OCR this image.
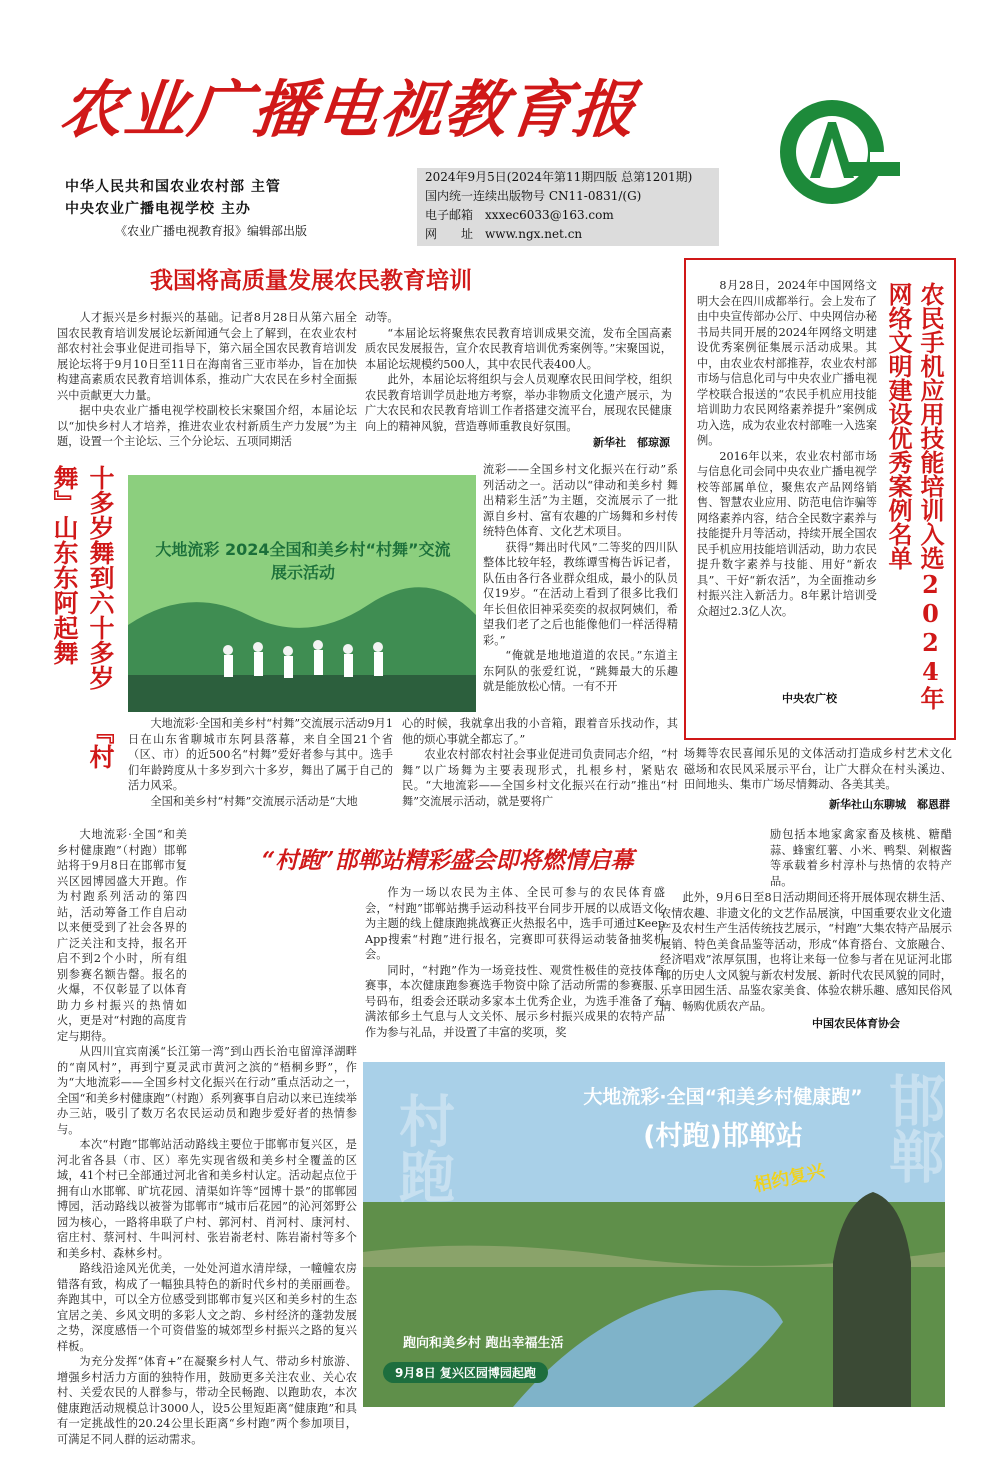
农业广播电视教育报
中华人民共和国农业农村部 主管
中央农业广播电视学校 主办
《农业广播电视教育报》编辑部出版
2024年9月5日(2024年第11期四版 总第1201期)
国内统一连续出版物号 CN11-0831/(G)
电子邮箱　 xxxec6033@163.com
网　　址　 www.ngx.net.cn
我国将高质量发展农民教育培训

人才振兴是乡村振兴的基础。记者8月28日从第六届全国农民教育培训发展论坛新闻通气会上了解到，在农业农村部农村社会事业促进司指导下，第六届全国农民教育培训发展论坛将于9月10日至11日在海南省三亚市举办，旨在加快构建高素质农民教育培训体系，推动广大农民在乡村全面振兴中贡献更大力量。

据中央农业广播电视学校副校长宋聚国介绍，本届论坛以“加快乡村人才培养，推进农业农村新质生产力发展”为主题，设置一个主论坛、三个分论坛、五项同期活

动等。

“本届论坛将聚焦农民教育培训成果交流，发布全国高素质农民发展报告，宣介农民教育培训优秀案例等。”宋聚国说，本届论坛规模约500人，其中农民代表400人。

此外，本届论坛将组织与会人员观摩农民田间学校，组织农民教育培训学员赴地方考察，举办非物质文化遗产展示，为广大农民和农民教育培训工作者搭建交流平台，展现农民健康向上的精神风貌，营造尊师重教良好氛围。

新华社　郁琼源

8月28日，2024年中国网络文明大会在四川成都举行。会上发布了由中央宣传部办公厅、中央网信办秘书局共同开展的2024年网络文明建设优秀案例征集展示活动成果。其中，由农业农村部推荐，农业农村部市场与信息化司与中央农业广播电视学校联合报送的“农民手机应用技能培训助力农民网络素养提升”案例成功入选，成为农业农村部唯一入选案例。

2016年以来，农业农村部市场与信息化司会同中央农业广播电视学校等部属单位，聚焦农产品网络销售、智慧农业应用、防范电信诈骗等网络素养内容，结合全民数字素养与技能提升月等活动，持续开展全国农民手机应用技能培训活动，助力农民提升数字素养与技能、用好“新农具”、干好“新农活”，为全面推动乡村振兴注入新活力。8年累计培训受众超过2.3亿人次。

中央农广校	农民手机应用技能培训入选2024年网络文明建设优秀案例名单
十多岁舞到六十多岁 『村舞』山东东阿起舞	大地流彩 2024全国和美乡村“村舞”交流展示活动

流彩——全国乡村文化振兴在行动”系列活动之一。活动以“律动和美乡村 舞出精彩生活”为主题，交流展示了一批源自乡村、富有农趣的广场舞和乡村传统特色体育、文化艺术项目。

获得“舞出时代风”二等奖的四川队整体比较年轻，教练谭雪梅告诉记者，队伍由各行各业群众组成，最小的队员仅19岁。“在活动上看到了很多比我们年长但依旧神采奕奕的叔叔阿姨们，希望我们老了之后也能像他们一样活得精彩。”

“俺就是地地道道的农民。”东道主东阿队的张爱红说，“跳舞最大的乐趣就是能放松心情。一有不开

大地流彩·全国和美乡村“村舞”交流展示活动9月1日在山东省聊城市东阿县落幕，来自全国21个省（区、市）的近500名“村舞”爱好者参与其中。选手们年龄跨度从十多岁到六十多岁，舞出了属于自己的活力风采。

全国和美乡村“村舞”交流展示活动是“大地

心的时候，我就拿出我的小音箱，跟着音乐找动作，其他的烦心事就全都忘了。”

农业农村部农村社会事业促进司负责同志介绍，“村舞”以广场舞为主要表现形式，扎根乡村，紧贴农民。“大地流彩——全国乡村文化振兴在行动”推出“村舞”交流展示活动，就是要将广

场舞等农民喜闻乐见的文体活动打造成乡村艺术文化磁场和农民风采展示平台，让广大群众在村头溪边、田间地头、集市广场尽情舞动、各美其美。

新华社山东聊城　郗恩群
“村跑”邯郸站精彩盛会即将燃情启幕

大地流彩·全国“和美乡村健康跑”（村跑）邯郸站将于9月8日在邯郸市复兴区园博园盛大开跑。作为村跑系列活动的第四站，活动筹备工作自启动以来便受到了社会各界的广泛关注和支持，报名开启不到2个小时，所有组别参赛名额告罄。报名的火爆，不仅彰显了以体育助力乡村振兴的热情如火，更是对“村跑的高度肯定与期待。

从四川宜宾南溪“长江第一湾”到山西长治屯留漳泽湖畔的“南风村”，再到宁夏灵武市黄河之滨的“梧桐乡野”，作为“大地流彩——全国乡村文化振兴在行动”重点活动之一，全国“和美乡村健康跑”（村跑）系列赛事自启动以来已连续举办三站，吸引了数万名农民运动员和跑步爱好者的热情参与。

本次“村跑”邯郸站活动路线主要位于邯郸市复兴区，是河北省各县（市、区）率先实现省级和美乡村全覆盖的区域，41个村已全部通过河北省和美乡村认定。活动起点位于拥有山水邯郸、旷坑花园、清渠如许等“园博十景”的邯郸园博园，活动路线以被誉为邯郸市“城市后花园”的沁河郊野公园为核心，一路将串联了户村、郭河村、肖河村、康河村、宿庄村、蔡河村、牛叫河村、张岩嵛老村、陈岩嵛村等多个和美乡村、森林乡村。

路线沿途风光优美，一处处河道水清岸绿，一幢幢农房错落有致，构成了一幅独具特色的新时代乡村的美丽画卷。奔跑其中，可以全方位感受到邯郸市复兴区和美乡村的生态宜居之美、乡风文明的多彩人文之韵、乡村经济的蓬勃发展之势，深度感悟一个可资借鉴的城郊型乡村振兴之路的复兴样板。

为充分发挥“体育+”在凝聚乡村人气、带动乡村旅游、增强乡村活力方面的独特作用，鼓励更多关注农业、关心农村、关爱农民的人群参与，带动全民畅跑、以跑助农，本次健康跑活动规模总计3000人，设5公里短距离“健康跑”和具有一定挑战性的20.24公里长距离“乡村跑”两个参加项目，可满足不同人群的运动需求。

作为一场以农民为主体、全民可参与的农民体育盛会，“村跑”邯郸站携手运动科技平台同步开展的以成语文化为主题的线上健康跑挑战赛正火热报名中，选手可通过Keep App搜索“村跑”进行报名，完赛即可获得运动装备抽奖机会。

同时，“村跑”作为一场竞技性、观赏性极佳的竞技体育赛事，本次健康跑参赛选手物资中除了活动所需的参赛服、号码布，组委会还联动多家本土优秀企业，为选手准备了充满浓郁乡土气息与人文关怀、展示乡村振兴成果的农特产品作为参与礼品，并设置了丰富的奖项，奖

励包括本地家禽家畜及核桃、糖醋蒜、蜂蜜红薯、小米、鸭梨、剁椒酱等承载着乡村淳朴与热情的农特产品。

此外，9月6日至8日活动期间还将开展体现农耕生活、农情农趣、非遗文化的文艺作品展演，中国重要农业文化遗产及农村生产生活传统技艺展示，“村跑”大集农特产品展示展销、特色美食品鉴等活动，形成“体育搭台、文旅融合、经济唱戏”浓厚氛围，也将让来每一位参与者在见证河北邯郸的历史人文风貌与新农村发展、新时代农民风貌的同时，乐享田园生活、品鉴农家美食、体验农耕乐趣、感知民俗风情、畅购优质农产品。

中国农民体育协会
村跑	邯郸
大地流彩·全国“和美乡村健康跑”
(村跑)邯郸站
相约复兴
跑向和美乡村 跑出幸福生活
9月8日 复兴区园博园起跑
